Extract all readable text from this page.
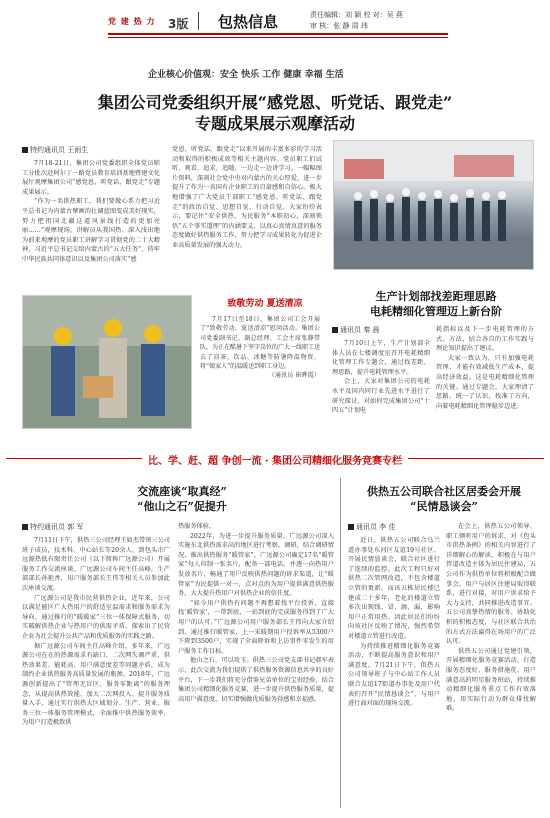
党 建 热 力 3版 包热信息	责任编辑：刘 颖 校 对：吴 燕
审 核：张 静 周 玮
企业核心价值观：安全 快乐 工作 健康 幸福 生活
集团公司党委组织开展“感党恩、听党话、跟党走”
专题成果展示观摩活动
特约通讯员 王雨生
7月18-21日，集团公司党委组织全体党员职工分批次赴阿尔丁一路党员教育培训基地暨建文化展厅观摩集团公司“感党恩、听党话、跟党走”专题成果展示。
“作为一名供热职工，我们要做心系力把习近平总书记为内蒙古擘画的壮阔蓝图变成美好现实，努力把祖国北疆这道风景线打造的更加亮丽……”观摩现场，讲解员从我国热、深入浅出地为前来观摩的党员职工讲解学习贯彻党的二十大精神，习近平总书记交给内蒙古的“五大任务”，铸牢中华民族共同体意识以及集团公司落实“感
党恩、听党话、跟党走”以来开展的丰富多彩的学习活动和取得的积极成效等相关主题内容。党员职工们试听、观看、追求、追随、一边走一边讲学习。一幅幅图片资料，深刻社会党中央对内蒙古的关心厚爱，进一步提升了作为一名国有企业职工的自豪感和自信心。极大地增强了广大党员干部职工“感党恩、听党话、跟党走”的政治自觉、思想自觉、行动自觉。大家纷纷表示，要记住“安全供热，为民服务”本职初心，深刻领悟“五个事实道理”的内涵要义，以真心真情真意的服务态度做好供热服务工作，努力把学习成果转化为促进企业高质量发展的强大动力。
致敬劳动 夏送清凉
7月17日至18日，集团公司工会开展了“致敬劳动，夏送清凉”慰问活动。集团公司党委副书记、副总经理、工会主席张静带队，为正在酷暑下坚守岗位的广大一线职工送去了凉茶、饮品、冰糖等防暑降温物资，将“娘家人”的温暖送到职工身边。
（通讯员 崔晔霞）
生产计划部找差距理思路
电耗精细化管理迈上新台阶
通讯员 秦 晨
7月10日上午，生产计划部全体人员在七楼调度室召开电耗精细化管理工作专题会，通过找差距、理思路，提升电耗管理水平。
会上，大家对集团公司的电耗水平及国内同行业先进水平进行了研究探讨，对如何完成集团公司“十四五”计划电
耗指标以及下一步电耗管理的方式、方法，结合各自的工作实践与理论知识提出了建议。
大家一致认为，只有加强电耗管理，才能有效减低生产成本，提高经济效益。这是电耗精细化管理的关键。通过专题会，大家理清了思路，统一了认识，找准了方向，向着电耗精细化管理稳步迈进。
比、学、赶、超 争创一流 · 集团公司精细化服务竞赛专栏
交流座谈“取真经”
“他山之石”促提升
特约通讯员 郭 军
7月11日下午，供热三公司经理王如杰带领三公司班子成员，技术科、中心站长等20余人，到包头市广远源热低有限责任公司（以下简称广远源公司）开展服务工作交流座谈。广远源公司车间主任高峰，生产部部长孙艳香，用户服务部长王伟等相关人员参加此次座谈交流。
广远源公司是我市民营供热企业，近年来，公司以满足能区广大热用户的舒适室温需求和服务需求为导向，通过推行的“暖暖家”三位一体保障式服务，切实破解供热企业与热用户的供需矛盾，探索出了民营企业为社会提升公共产品和优质服务的实践之路。
据广远源公司车间主任高峰介绍，多年来，广远源公司在在的热源需求有缺口、二次网失调严重、供热效果差、能耗高、用户满意度差等问题矛盾，成为制约企业供热服务高质量发展的瓶颈。2018年，广远源创新提出了“管理无盲区、服务零距离”的服务理念，从提高供热效能、加大二次网投入、提升服务质量入手，通过实行供热大区域划分、生产、营业、服务三位一体服务管理模式，全面推中供热服务效率，为用户打造极致供
热服务体验。
2022年，为进一步提升服务质量，广远源公司深入实施东北供热需求高的地区进行考察，调研，结合调研情况，推出供热服务“暖管家”。广远源公司确定17名“暖管家”每人印制一张名片，配备一部电话，并逐一向热用户发放名片，畅通了用户反映供热问题的诉求渠道，让“暖管家”为民提供一对一，点对点的为用户提供满意供热服务，大大提升热用户对供热企业的信任度。
“如今用户供热有问题不再想着找平台投诉，直接找‘暖管家’，一帮到底，一站到底的完成服务得到了广大用户的认可。”广远源公司用户服务部长王伟向大家介绍到。通过推行暖管家，上一采暖期用户投诉率从5300户下降到3500户，实现了全面降诉和上访事件零发生的用户服务工作目标。
他山之石，可以攻玉。供热三公司党支部书记郝军表示，此次交流为我们提供了供热服务资源信息共享的良好平台，下一步我们将充分借鉴兄弟单位的宝贵经验，结合集团公司精细化服务竞赛，进一步提升供热服务质量，提高用户满意度，切实增强做优质服务得感和幸福感。
供热五公司联合社区居委会开展
“民情恳谈会”
通讯员 李 佳
近日，供热五公司联合乌兰道办事处东河区友谊19号社区、开展民情恳谈会，联合社区进行了连续的监控。此次工程只好对供热二次管网改造，不包含楼道立管的更新。而该五栋居民楼已建成二十多年，老化的楼道立管多次出现线、冒、滴、漏，影响用户正常用热。因此居民们纷纷向该社区反映了情况，强烈希望对楼道立管进行改造。
为持续推进精细化服务竞赛活动，不断提高服务意识和用户满意度。7月21日下午，供热五公司领导班子与中心站工作人员联合友谊17街道办事处及用户代表们召开“民情恳谈会”，与用户进行面对面的现场交流。
在会上，供热五公司领导、职工倾听用户的诉求，对《包头市供热条例》的相关内容进行了详细解心的解读，积极在与用户管道改造主体为居民住建局，五公司作为供热单位将积极配合做事会，用户与居区住建局取得联系，进行对接，对用户诉求给予大力支持，共同推进改造事宜。五公司真挚热情的服务、协助化积的积极态度，与社区联合共治的方式方法赢得在场用户的广泛认可。
供热五公司通过党建引领，开展精细化服务竞赛活动，打造服务态度好、服务措施优、用户满意高的明星服务班站，持续推动精细化服务重点工作有效落地，用实际行动为群众排忧解难。
